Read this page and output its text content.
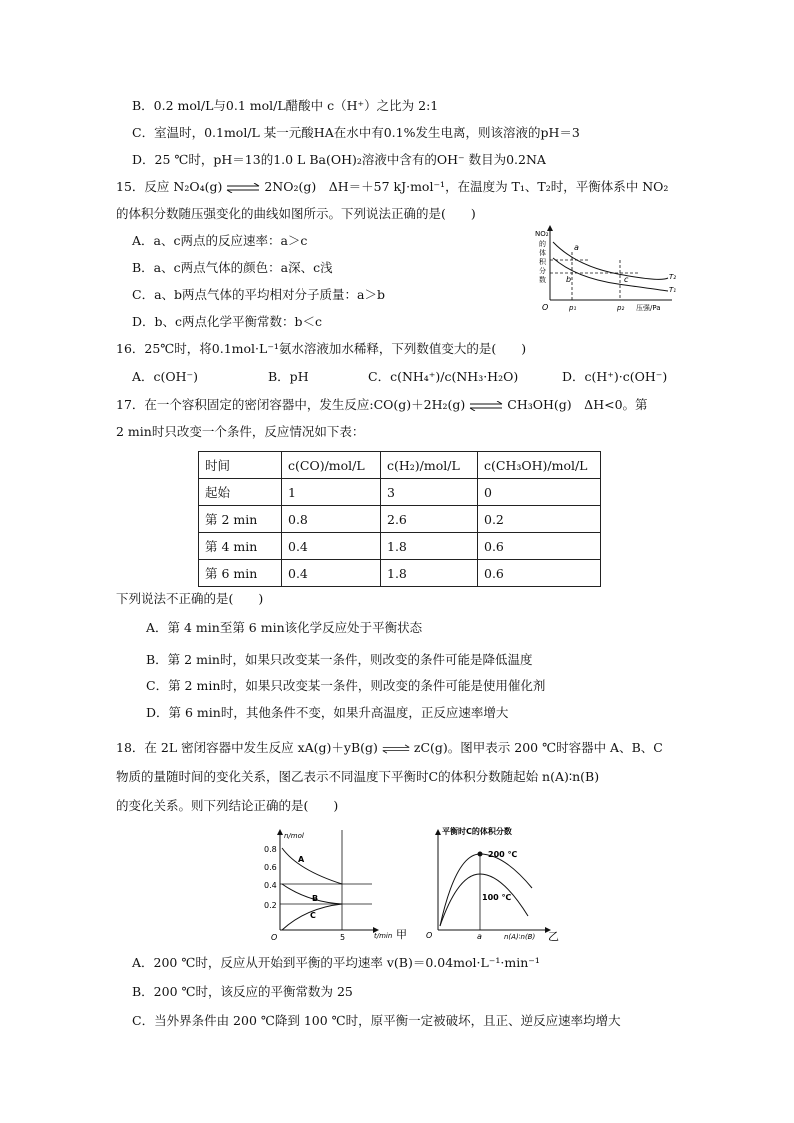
B．0.2 mol/L与0.1 mol/L醋酸中 c（H⁺）之比为 2:1
C．室温时，0.1mol/L 某一元酸HA在水中有0.1%发生电离，则该溶液的pH＝3
D．25 ℃时，pH＝13的1.0 L Ba(OH)₂溶液中含有的OH⁻ 数目为0.2NA
15．反应 N₂O₄(g) ⇌ 2NO₂(g)　ΔH＝＋57 kJ·mol⁻¹，在温度为 T₁、T₂时，平衡体系中 NO₂
的体积分数随压强变化的曲线如图所示。下列说法正确的是(　　)
A．a、c两点的反应速率：a＞c
B．a、c两点气体的颜色：a深、c浅
C．a、b两点气体的平均相对分子质量：a＞b
D．b、c两点化学平衡常数：b＜c
NO₂
的
体
积
分
数
O
a
b	c	T₂
T₁
p₁	p₂ 压强/Pa
16．25℃时，将0.1mol·L⁻¹氨水溶液加水稀释，下列数值变大的是(　　)
A．c(OH⁻)	B．pH	C．c(NH₄⁺)/c(NH₃·H₂O)	D．c(H⁺)·c(OH⁻)
17．在一个容积固定的密闭容器中，发生反应:CO(g)＋2H₂(g) ⇌ CH₃OH(g)　ΔH<0。第
2 min时只改变一个条件，反应情况如下表：
时间	c(CO)/mol/L	c(H₂)/mol/L	c(CH₃OH)/mol/L
起始	1	3	0
第 2 min	0.8	2.6	0.2
第 4 min	0.4	1.8	0.6
第 6 min	0.4	1.8	0.6
下列说法不正确的是(　　)
A．第 4 min至第 6 min该化学反应处于平衡状态
B．第 2 min时，如果只改变某一条件，则改变的条件可能是降低温度
C．第 2 min时，如果只改变某一条件，则改变的条件可能是使用催化剂
D．第 6 min时，其他条件不变，如果升高温度，正反应速率增大
18．在 2L 密闭容器中发生反应 xA(g)＋yB(g) ⇌ zC(g)。图甲表示 200 ℃时容器中 A、B、C
物质的量随时间的变化关系，图乙表示不同温度下平衡时C的体积分数随起始 n(A)∶n(B)
的变化关系。则下列结论正确的是(　　)
n/mol
0.8
0.6
0.4
0.2
A
B
C
O	5	t/min 甲
平衡时C的体积分数
200 ℃
100 ℃
O	a	n(A)∶n(B) 乙
A．200 ℃时，反应从开始到平衡的平均速率 v(B)＝0.04mol·L⁻¹·min⁻¹
B．200 ℃时，该反应的平衡常数为 25
C．当外界条件由 200 ℃降到 100 ℃时，原平衡一定被破坏，且正、逆反应速率均增大
